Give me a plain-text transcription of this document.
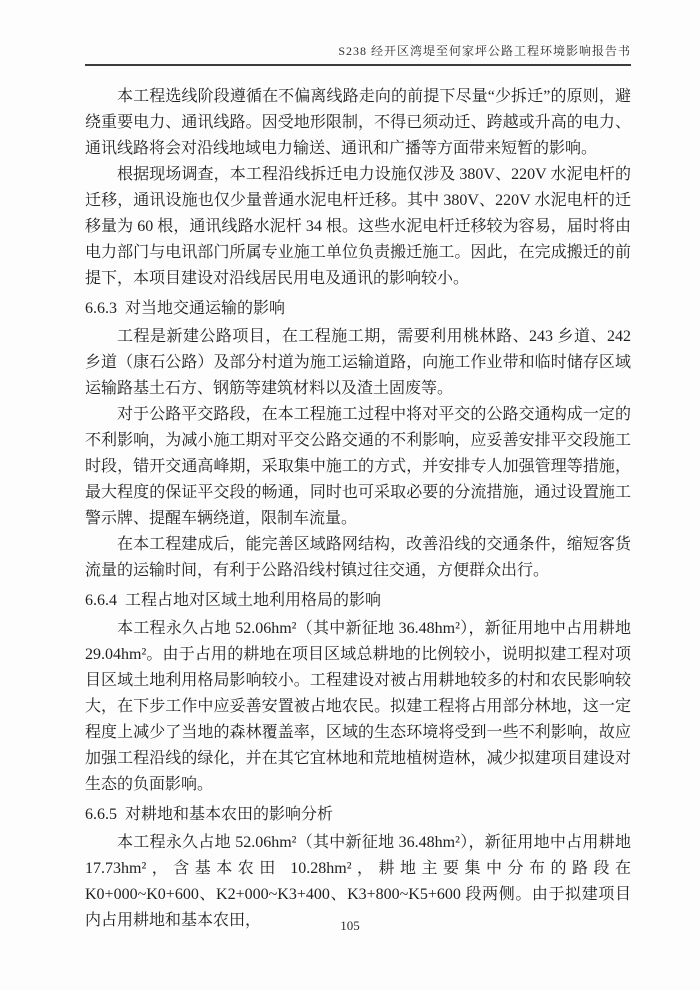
S238 经开区湾堤至何家坪公路工程环境影响报告书

本工程选线阶段遵循在不偏离线路走向的前提下尽量“少拆迁”的原则，避绕重要电力、通讯线路。因受地形限制，不得已须动迁、跨越或升高的电力、通讯线路将会对沿线地域电力输送、通讯和广播等方面带来短暂的影响。

根据现场调查，本工程沿线拆迁电力设施仅涉及 380V、220V 水泥电杆的迁移，通讯设施也仅少量普通水泥电杆迁移。其中 380V、220V 水泥电杆的迁移量为 60 根，通讯线路水泥杆 34 根。这些水泥电杆迁移较为容易，届时将由电力部门与电讯部门所属专业施工单位负责搬迁施工。因此，在完成搬迁的前提下，本项目建设对沿线居民用电及通讯的影响较小。

6.6.3  对当地交通运输的影响

工程是新建公路项目，在工程施工期，需要利用桃林路、243 乡道、242 乡道（康石公路）及部分村道为施工运输道路，向施工作业带和临时储存区域运输路基土石方、钢筋等建筑材料以及渣土固废等。

对于公路平交路段，在本工程施工过程中将对平交的公路交通构成一定的不利影响，为减小施工期对平交公路交通的不利影响，应妥善安排平交段施工时段，错开交通高峰期，采取集中施工的方式，并安排专人加强管理等措施，最大程度的保证平交段的畅通，同时也可采取必要的分流措施，通过设置施工警示牌、提醒车辆绕道，限制车流量。

在本工程建成后，能完善区域路网结构，改善沿线的交通条件，缩短客货流量的运输时间，有利于公路沿线村镇过往交通，方便群众出行。

6.6.4  工程占地对区域土地利用格局的影响

本工程永久占地 52.06hm²（其中新征地 36.48hm²），新征用地中占用耕地29.04hm²。由于占用的耕地在项目区域总耕地的比例较小，说明拟建工程对项目区域土地利用格局影响较小。工程建设对被占用耕地较多的村和农民影响较大，在下步工作中应妥善安置被占地农民。拟建工程将占用部分林地，这一定程度上减少了当地的森林覆盖率，区域的生态环境将受到一些不利影响，故应加强工程沿线的绿化，并在其它宜林地和荒地植树造林，减少拟建项目建设对生态的负面影响。

6.6.5  对耕地和基本农田的影响分析

本工程永久占地 52.06hm²（其中新征地 36.48hm²），新征用地中占用耕地17.73hm²，含基本农田 10.28hm²，耕地主要集中分布的路段在 K0+000~K0+600、K2+000~K3+400、K3+800~K5+600 段两侧。由于拟建项目内占用耕地和基本农田，	105
